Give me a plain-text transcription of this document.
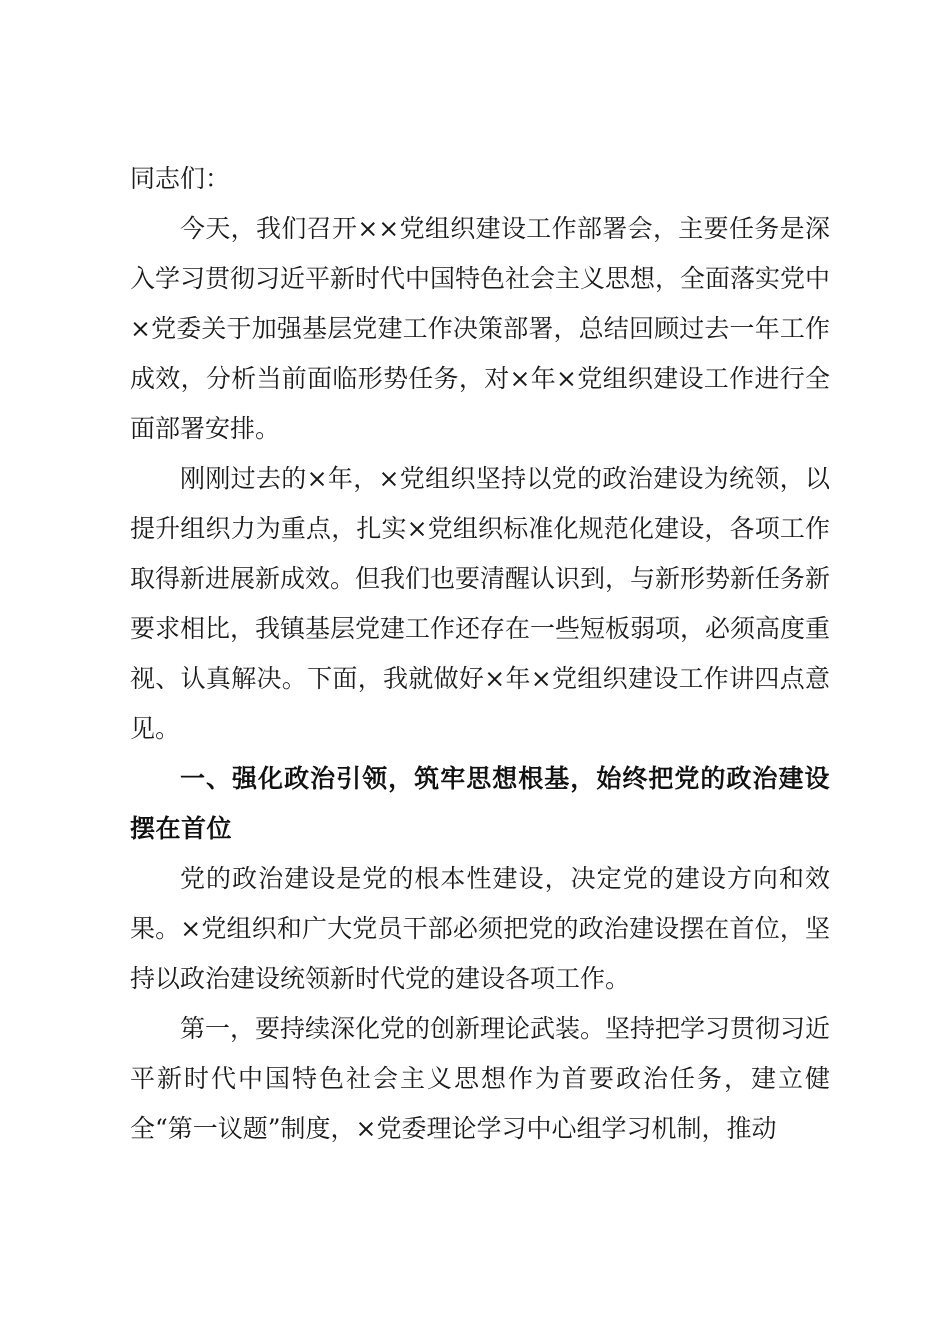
同志们：

今天，我们召开××党组织建设工作部署会，主要任务是深入学习贯彻习近平新时代中国特色社会主义思想，全面落实党中×党委关于加强基层党建工作决策部署，总结回顾过去一年工作成效，分析当前面临形势任务，对×年×党组织建设工作进行全面部署安排。

刚刚过去的×年，×党组织坚持以党的政治建设为统领，以提升组织力为重点，扎实×党组织标准化规范化建设，各项工作取得新进展新成效。但我们也要清醒认识到，与新形势新任务新要求相比，我镇基层党建工作还存在一些短板弱项，必须高度重视、认真解决。下面，我就做好×年×党组织建设工作讲四点意见。

一、强化政治引领，筑牢思想根基，始终把党的政治建设摆在首位

党的政治建设是党的根本性建设，决定党的建设方向和效果。×党组织和广大党员干部必须把党的政治建设摆在首位，坚持以政治建设统领新时代党的建设各项工作。

第一，要持续深化党的创新理论武装。坚持把学习贯彻习近平新时代中国特色社会主义思想作为首要政治任务，建立健全“第一议题”制度，×党委理论学习中心组学习机制，推动
